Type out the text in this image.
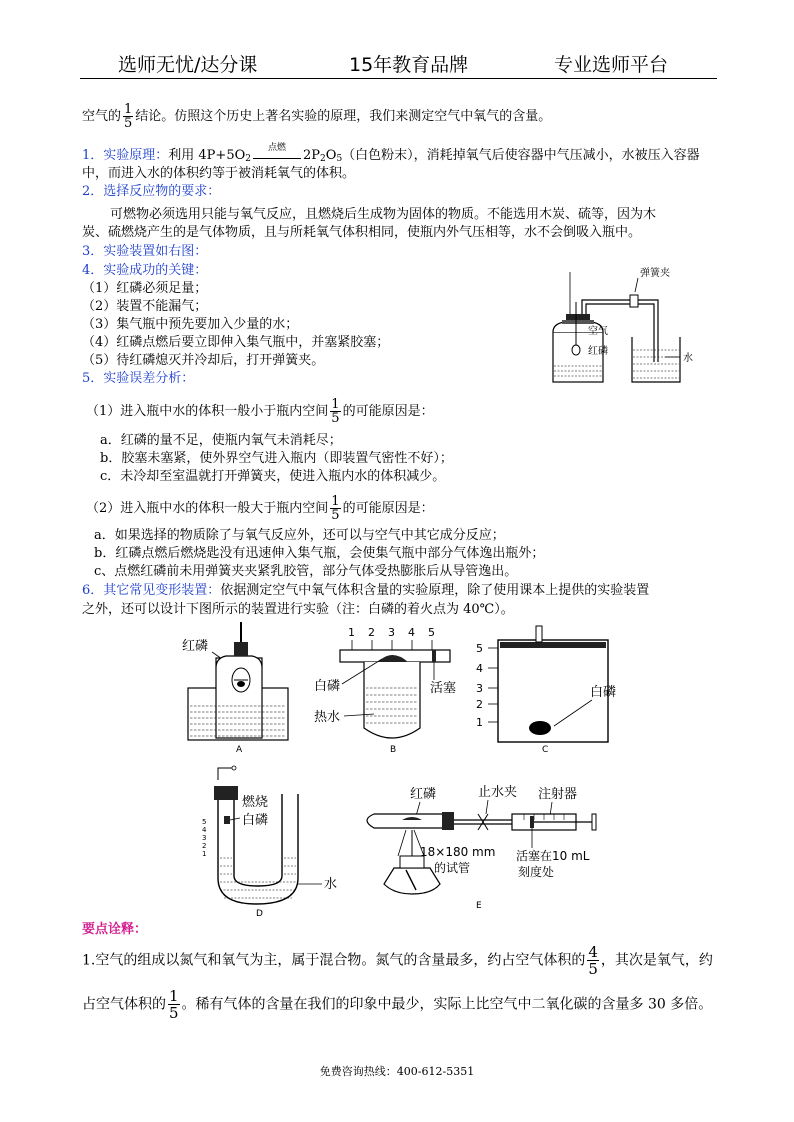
选师无忧/达分课	15年教育品牌	专业选师平台
空气的 $\frac{1}{5}$ 结论。仿照这个历史上著名实验的原理，我们来测定空气中氧气的含量。
1．实验原理：利用 $4P+5O_2$
点燃	$2P_2O_5$（白色粉末），消耗掉氧气后使容器中气压减小，水被压入容器
中，而进入水的体积约等于被消耗氧气的体积。
2．选择反应物的要求：
可燃物必须选用只能与氧气反应，且燃烧后生成物为固体的物质。不能选用木炭、硫等，因为木
炭、硫燃烧产生的是气体物质，且与所耗氧气体积相同，使瓶内外气压相等，水不会倒吸入瓶中。
3．实验装置如右图：
4．实验成功的关键：
（1）红磷必须足量；
（2）装置不能漏气；
（3）集气瓶中预先要加入少量的水；
（4）红磷点燃后要立即伸入集气瓶中，并塞紧胶塞；
（5）待红磷熄灭并冷却后，打开弹簧夹。
弹簧夹
空气
红磷
水
5．实验误差分析：
（1）进入瓶中水的体积一般小于瓶内空间 $\frac{1}{5}$ 的可能原因是：
a．红磷的量不足，使瓶内氧气未消耗尽；
b．胶塞未塞紧，使外界空气进入瓶内（即装置气密性不好）；
c．未冷却至室温就打开弹簧夹，使进入瓶内水的体积减少。
（2）进入瓶中水的体积一般大于瓶内空间 $\frac{1}{5}$ 的可能原因是：
a．如果选择的物质除了与氧气反应外，还可以与空气中其它成分反应；
b．红磷点燃后燃烧匙没有迅速伸入集气瓶，会使集气瓶中部分气体逸出瓶外；
c、点燃红磷前未用弹簧夹夹紧乳胶管，部分气体受热膨胀后从导管逸出。
6．其它常见变形装置：依据测定空气中氧气体积含量的实验原理，除了使用课本上提供的实验装置
之外，还可以设计下图所示的装置进行实验（注：白磷的着火点为 40℃）。
红磷
A
1 2 3 4 5
白磷	活塞
热水
B
5
4
3
2
1
白磷
C
5
4
3
2
1
燃烧
白磷
水
D
红磷	止水夹 注射器
18×180 mm
的试管
活塞在10 mL
刻度处
E
要点诠释：
1.空气的组成以氮气和氧气为主，属于混合物。氮气的含量最多，约占空气体积的 $\frac{4}{5}$ ，其次是氧气，约
占空气体积的 $\frac{1}{5}$ 。稀有气体的含量在我们的印象中最少，实际上比空气中二氧化碳的含量多 30 多倍。
免费咨询热线：400-612-5351
